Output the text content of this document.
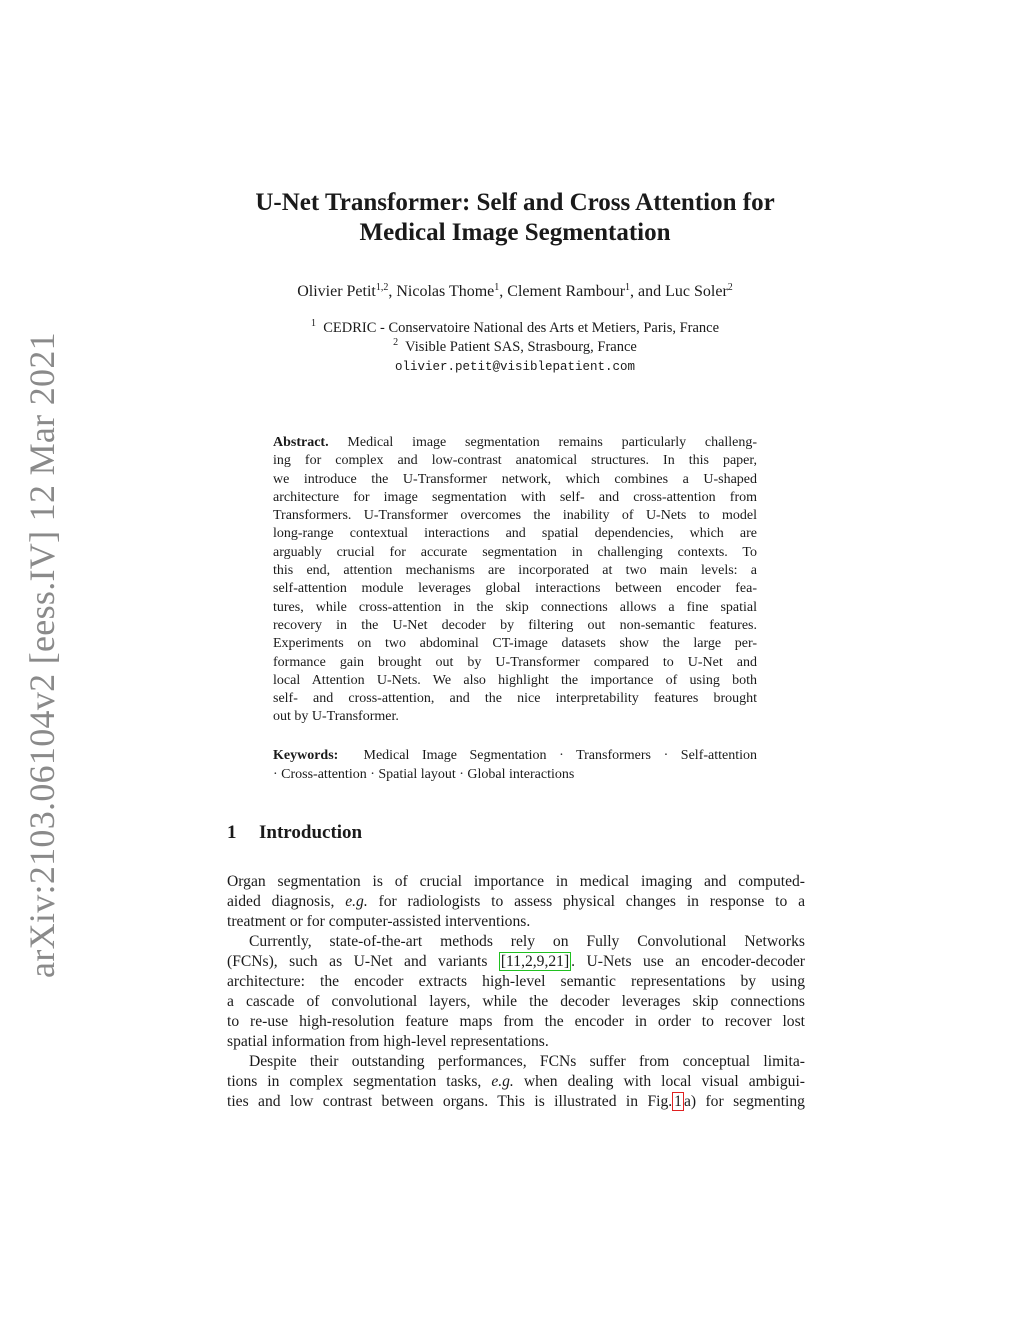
arXiv:2103.06104v2 [eess.IV] 12 Mar 2021
U-Net Transformer: Self and Cross Attention for
Medical Image Segmentation
Olivier Petit$^{1,2}$, Nicolas Thome$^1$, Clement Rambour$^1$, and Luc Soler$^2$
$^1$ CEDRIC - Conservatoire National des Arts et Metiers, Paris, France
$^2$ Visible Patient SAS, Strasbourg, France
olivier.petit@visiblepatient.com
Abstract. Medical image segmentation remains particularly challeng-
ing for complex and low-contrast anatomical structures. In this paper,
we introduce the U-Transformer network, which combines a U-shaped
architecture for image segmentation with self- and cross-attention from
Transformers. U-Transformer overcomes the inability of U-Nets to model
long-range contextual interactions and spatial dependencies, which are
arguably crucial for accurate segmentation in challenging contexts. To
this end, attention mechanisms are incorporated at two main levels: a
self-attention module leverages global interactions between encoder fea-
tures, while cross-attention in the skip connections allows a fine spatial
recovery in the U-Net decoder by filtering out non-semantic features.
Experiments on two abdominal CT-image datasets show the large per-
formance gain brought out by U-Transformer compared to U-Net and
local Attention U-Nets. We also highlight the importance of using both
self- and cross-attention, and the nice interpretability features brought
out by U-Transformer.
Keywords: Medical Image Segmentation · Transformers · Self-attention
· Cross-attention · Spatial layout · Global interactions
1 Introduction
Organ segmentation is of crucial importance in medical imaging and computed-
aided diagnosis, e.g. for radiologists to assess physical changes in response to a
treatment or for computer-assisted interventions.
Currently, state-of-the-art methods rely on Fully Convolutional Networks
(FCNs), such as U-Net and variants [11,2,9,21] . U-Nets use an encoder-decoder
architecture: the encoder extracts high-level semantic representations by using
a cascade of convolutional layers, while the decoder leverages skip connections
to re-use high-resolution feature maps from the encoder in order to recover lost
spatial information from high-level representations.
Despite their outstanding performances, FCNs suffer from conceptual limita-
tions in complex segmentation tasks, e.g. when dealing with local visual ambigui-
ties and low contrast between organs. This is illustrated in Fig. 1 a) for segmenting
